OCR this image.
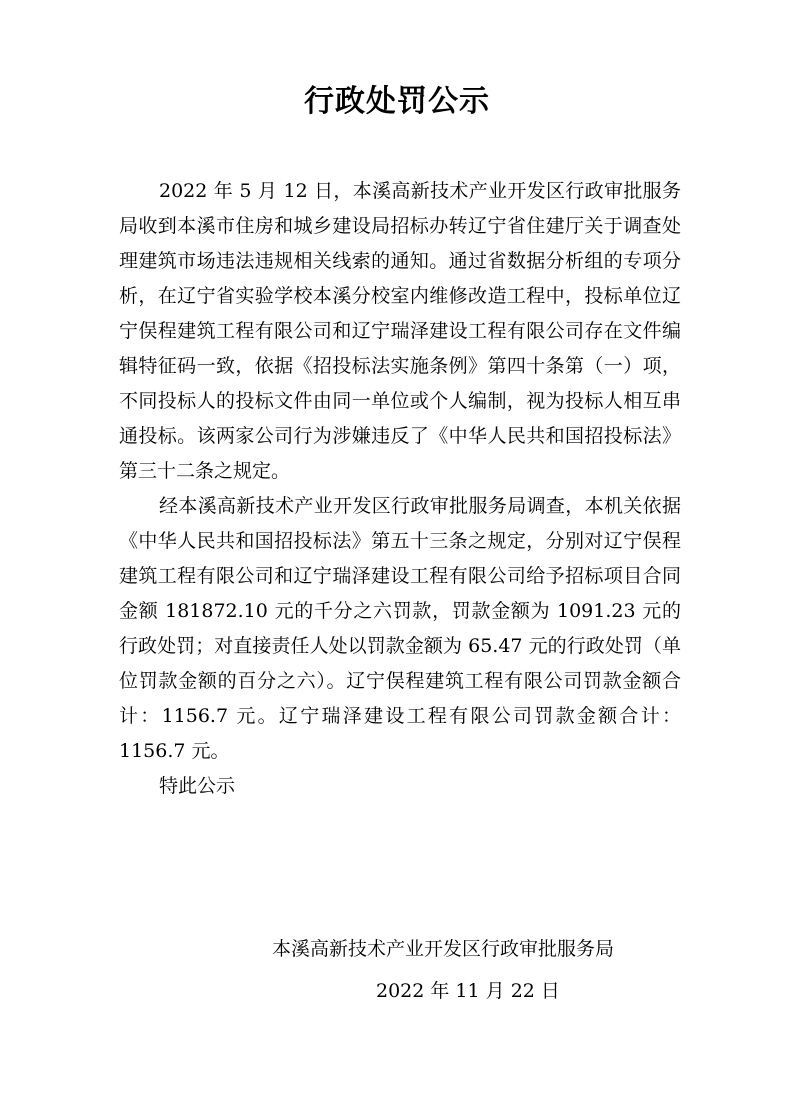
行政处罚公示

2022 年 5 月 12 日，本溪高新技术产业开发区行政审批服务局收到本溪市住房和城乡建设局招标办转辽宁省住建厅关于调查处理建筑市场违法违规相关线索的通知。通过省数据分析组的专项分析，在辽宁省实验学校本溪分校室内维修改造工程中，投标单位辽宁俣程建筑工程有限公司和辽宁瑞泽建设工程有限公司存在文件编辑特征码一致，依据《招投标法实施条例》第四十条第（一）项，不同投标人的投标文件由同一单位或个人编制，视为投标人相互串通投标。该两家公司行为涉嫌违反了《中华人民共和国招投标法》第三十二条之规定。

经本溪高新技术产业开发区行政审批服务局调查，本机关依据《中华人民共和国招投标法》第五十三条之规定，分别对辽宁俣程建筑工程有限公司和辽宁瑞泽建设工程有限公司给予招标项目合同金额 181872.10 元的千分之六罚款，罚款金额为 1091.23 元的行政处罚；对直接责任人处以罚款金额为 65.47 元的行政处罚（单位罚款金额的百分之六）。辽宁俣程建筑工程有限公司罚款金额合计：1156.7 元。辽宁瑞泽建设工程有限公司罚款金额合计：1156.7 元。

特此公示

本溪高新技术产业开发区行政审批服务局
2022 年 11 月 22 日
